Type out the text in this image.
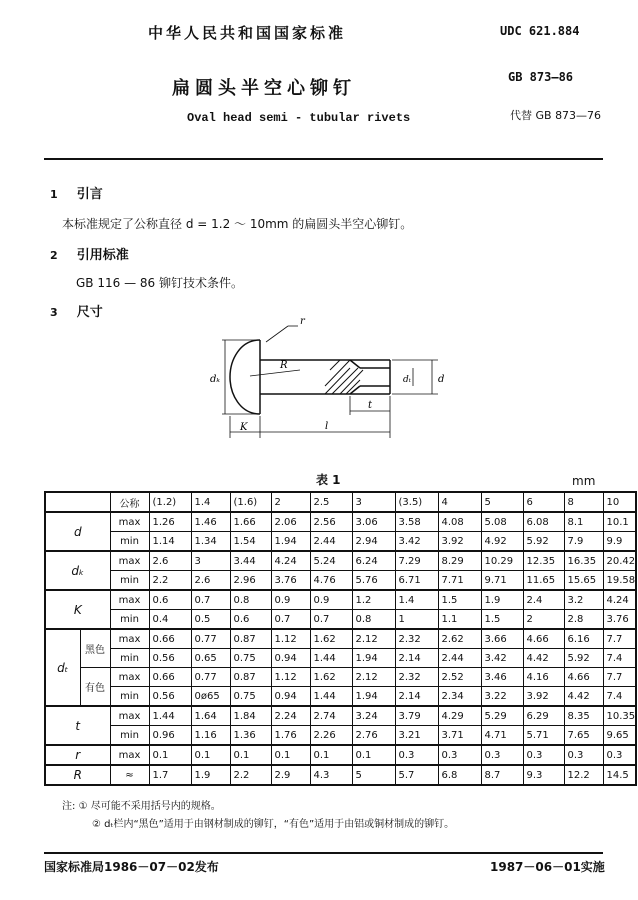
中华人民共和国国家标准	UDC 621.884
扁圆头半空心铆钉
GB 873—86
Oval head semi - tubular rivets	代替 GB 873—76
1 引言
本标准规定了公称直径 d = 1.2 ～ 10mm 的扁圆头半空心铆钉。
2 引用标准
GB 116 — 86 铆钉技术条件。
3 尺寸
r
R
dₖ	d
dₜ
K	l
t
表 1	mm
		公称	(1.2)	1.4	(1.6)	2	2.5	3	(3.5)	4	5	6	8	10
d		max	1.26	1.46	1.66	2.06	2.56	3.06	3.58	4.08	5.08	6.08	8.1	10.1
		min	1.14	1.34	1.54	1.94	2.44	2.94	3.42	3.92	4.92	5.92	7.9	9.9
dₖ		max	2.6	3	3.44	4.24	5.24	6.24	7.29	8.29	10.29	12.35	16.35	20.42
		min	2.2	2.6	2.96	3.76	4.76	5.76	6.71	7.71	9.71	11.65	15.65	19.58
K		max	0.6	0.7	0.8	0.9	0.9	1.2	1.4	1.5	1.9	2.4	3.2	4.24
		min	0.4	0.5	0.6	0.7	0.7	0.8	1	1.1	1.5	2	2.8	3.76
dₜ	黑色	max	0.66	0.77	0.87	1.12	1.62	2.12	2.32	2.62	3.66	4.66	6.16	7.7
		min	0.56	0.65	0.75	0.94	1.44	1.94	2.14	2.44	3.42	4.42	5.92	7.4
	有色	max	0.66	0.77	0.87	1.12	1.62	2.12	2.32	2.52	3.46	4.16	4.66	7.7
		min	0.56	0ø65	0.75	0.94	1.44	1.94	2.14	2.34	3.22	3.92	4.42	7.4
t		max	1.44	1.64	1.84	2.24	2.74	3.24	3.79	4.29	5.29	6.29	8.35	10.35
		min	0.96	1.16	1.36	1.76	2.26	2.76	3.21	3.71	4.71	5.71	7.65	9.65
r		max	0.1	0.1	0.1	0.1	0.1	0.1	0.3	0.3	0.3	0.3	0.3	0.3
R		≈	1.7	1.9	2.2	2.9	4.3	5	5.7	6.8	8.7	9.3	12.2	14.5
注: ① 尽可能不采用括号内的规格。
② dₜ栏内“黑色”适用于由钢材制成的铆钉，“有色”适用于由铝或铜材制成的铆钉。
国家标准局1986－07－02发布	1987－06－01实施
